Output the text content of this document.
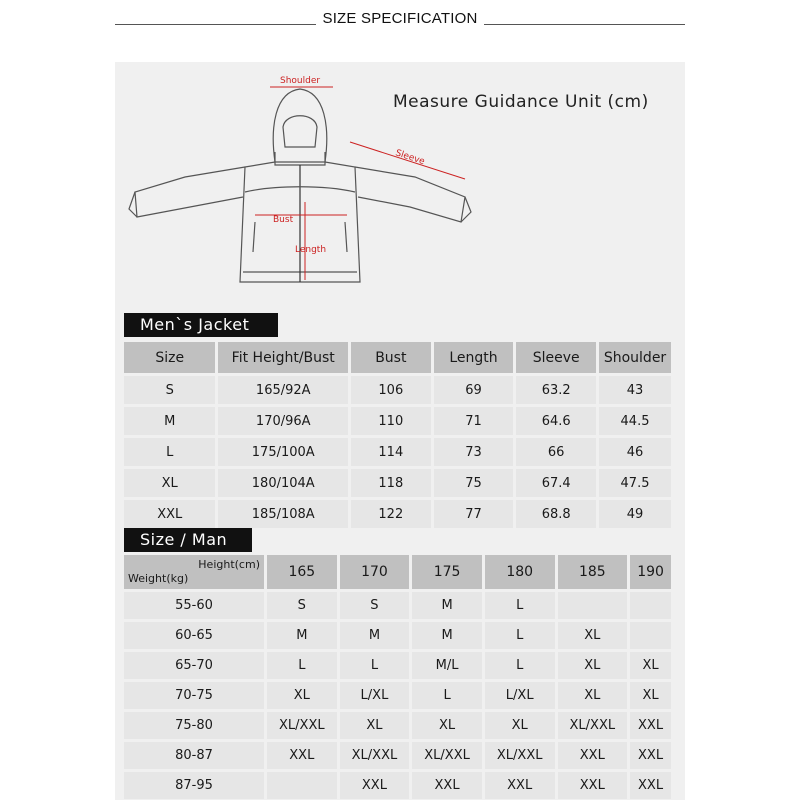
SIZE SPECIFICATION
Shoulder
Sleeve
Bust
Length
Measure Guidance Unit (cm)
Men`s Jacket
Size	Fit Height/Bust	Bust	Length	Sleeve	Shoulder
S	165/92A	106	69	63.2	43
M	170/96A	110	71	64.6	44.5
L	175/100A	114	73	66	46
XL	180/104A	118	75	67.4	47.5
XXL	185/108A	122	77	68.8	49
Size / Man
Height(cm)
Weight(kg)	165	170	175	180	185	190
55-60	S	S	M	L		
60-65	M	M	M	L	XL	
65-70	L	L	M/L	L	XL	XL
70-75	XL	L/XL	L	L/XL	XL	XL
75-80	XL/XXL	XL	XL	XL	XL/XXL	XXL
80-87	XXL	XL/XXL	XL/XXL	XL/XXL	XXL	XXL
87-95		XXL	XXL	XXL	XXL	XXL
